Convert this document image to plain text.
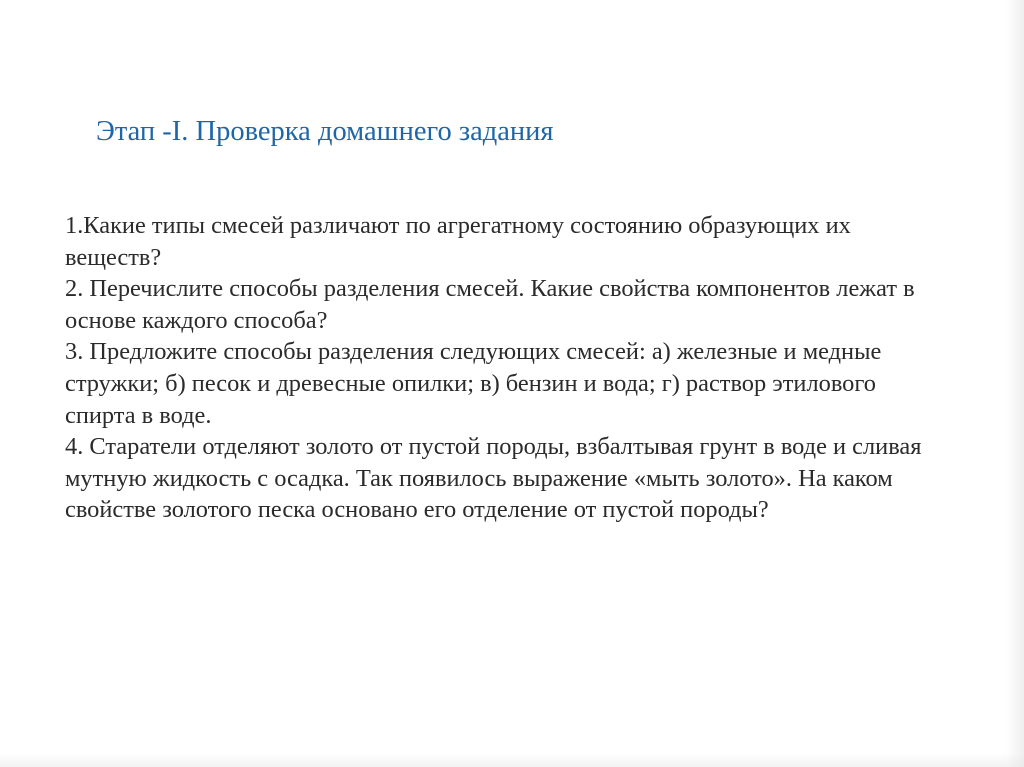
Этап -I. Проверка домашнего задания

1.Какие типы смесей различают по агрегатному состоянию образующих их веществ?

2. Перечислите способы разделения смесей. Какие свойства компонентов лежат в основе каждого способа?

3. Предложите способы разделения следующих смесей: а) железные и медные стружки; б) песок и древесные опилки; в) бензин и вода; г) раствор этилового спирта в воде.

4. Старатели отделяют золото от пустой породы, взбалтывая грунт в воде и сливая мутную жидкость с осадка. Так появилось выражение «мыть золото». На каком свойстве золотого песка основано его отделение от пустой породы?
